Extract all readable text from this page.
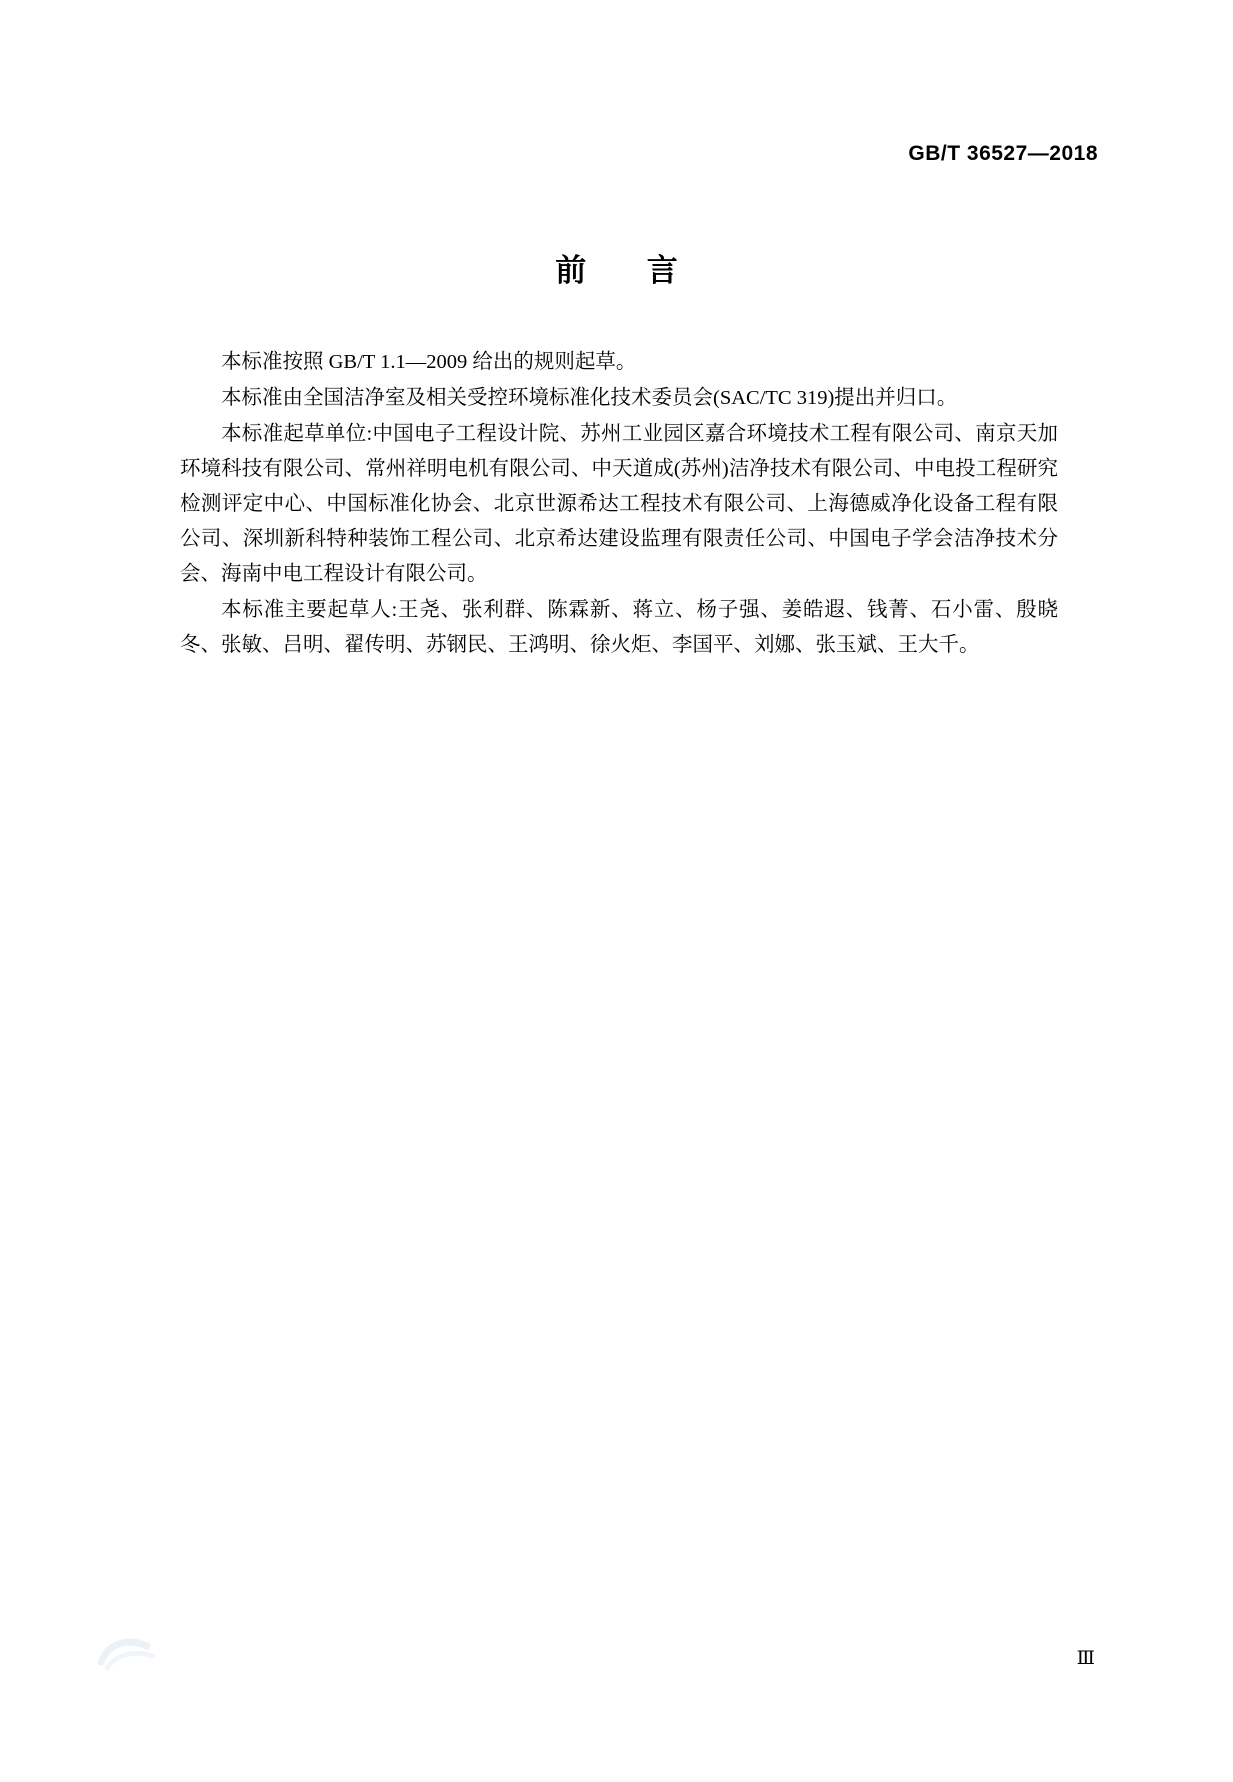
GB/T 36527—2018
前 言

本标准按照 GB/T 1.1—2009 给出的规则起草。

本标准由全国洁净室及相关受控环境标准化技术委员会(SAC/TC 319)提出并归口。

本标准起草单位:中国电子工程设计院、苏州工业园区嘉合环境技术工程有限公司、南京天加环境科技有限公司、常州祥明电机有限公司、中天道成(苏州)洁净技术有限公司、中电投工程研究检测评定中心、中国标准化协会、北京世源希达工程技术有限公司、上海德威净化设备工程有限公司、深圳新科特种装饰工程公司、北京希达建设监理有限责任公司、中国电子学会洁净技术分会、海南中电工程设计有限公司。

本标准主要起草人:王尧、张利群、陈霖新、蒋立、杨子强、姜皓遐、钱菁、石小雷、殷晓冬、张敏、吕明、翟传明、苏钢民、王鸿明、徐火炬、李国平、刘娜、张玉斌、王大千。

Ⅲ
